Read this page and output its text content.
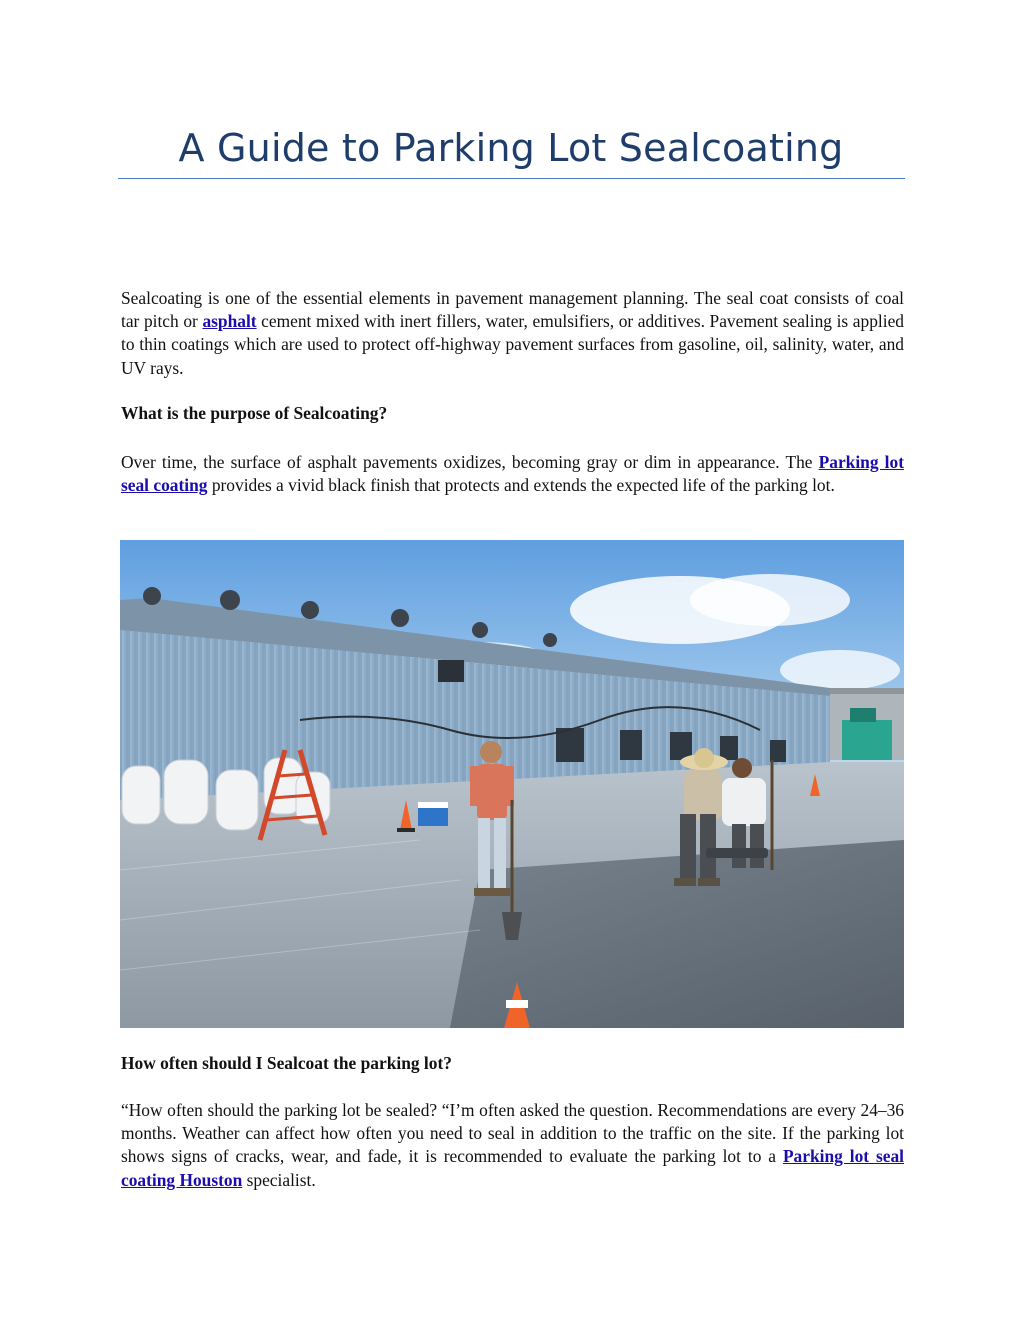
A Guide to Parking Lot Sealcoating

Sealcoating is one of the essential elements in pavement management planning. The seal coat consists of coal tar pitch or asphalt cement mixed with inert fillers, water, emulsifiers, or additives. Pavement sealing is applied to thin coatings which are used to protect off-highway pavement surfaces from gasoline, oil, salinity, water, and UV rays.

What is the purpose of Sealcoating?

Over time, the surface of asphalt pavements oxidizes, becoming gray or dim in appearance. The Parking lot seal coating provides a vivid black finish that protects and extends the expected life of the parking lot.

How often should I Sealcoat the parking lot?

“How often should the parking lot be sealed? “I’m often asked the question. Recommendations are every 24–36 months. Weather can affect how often you need to seal in addition to the traffic on the site. If the parking lot shows signs of cracks, wear, and fade, it is recommended to evaluate the parking lot to a Parking lot seal coating Houston specialist.
